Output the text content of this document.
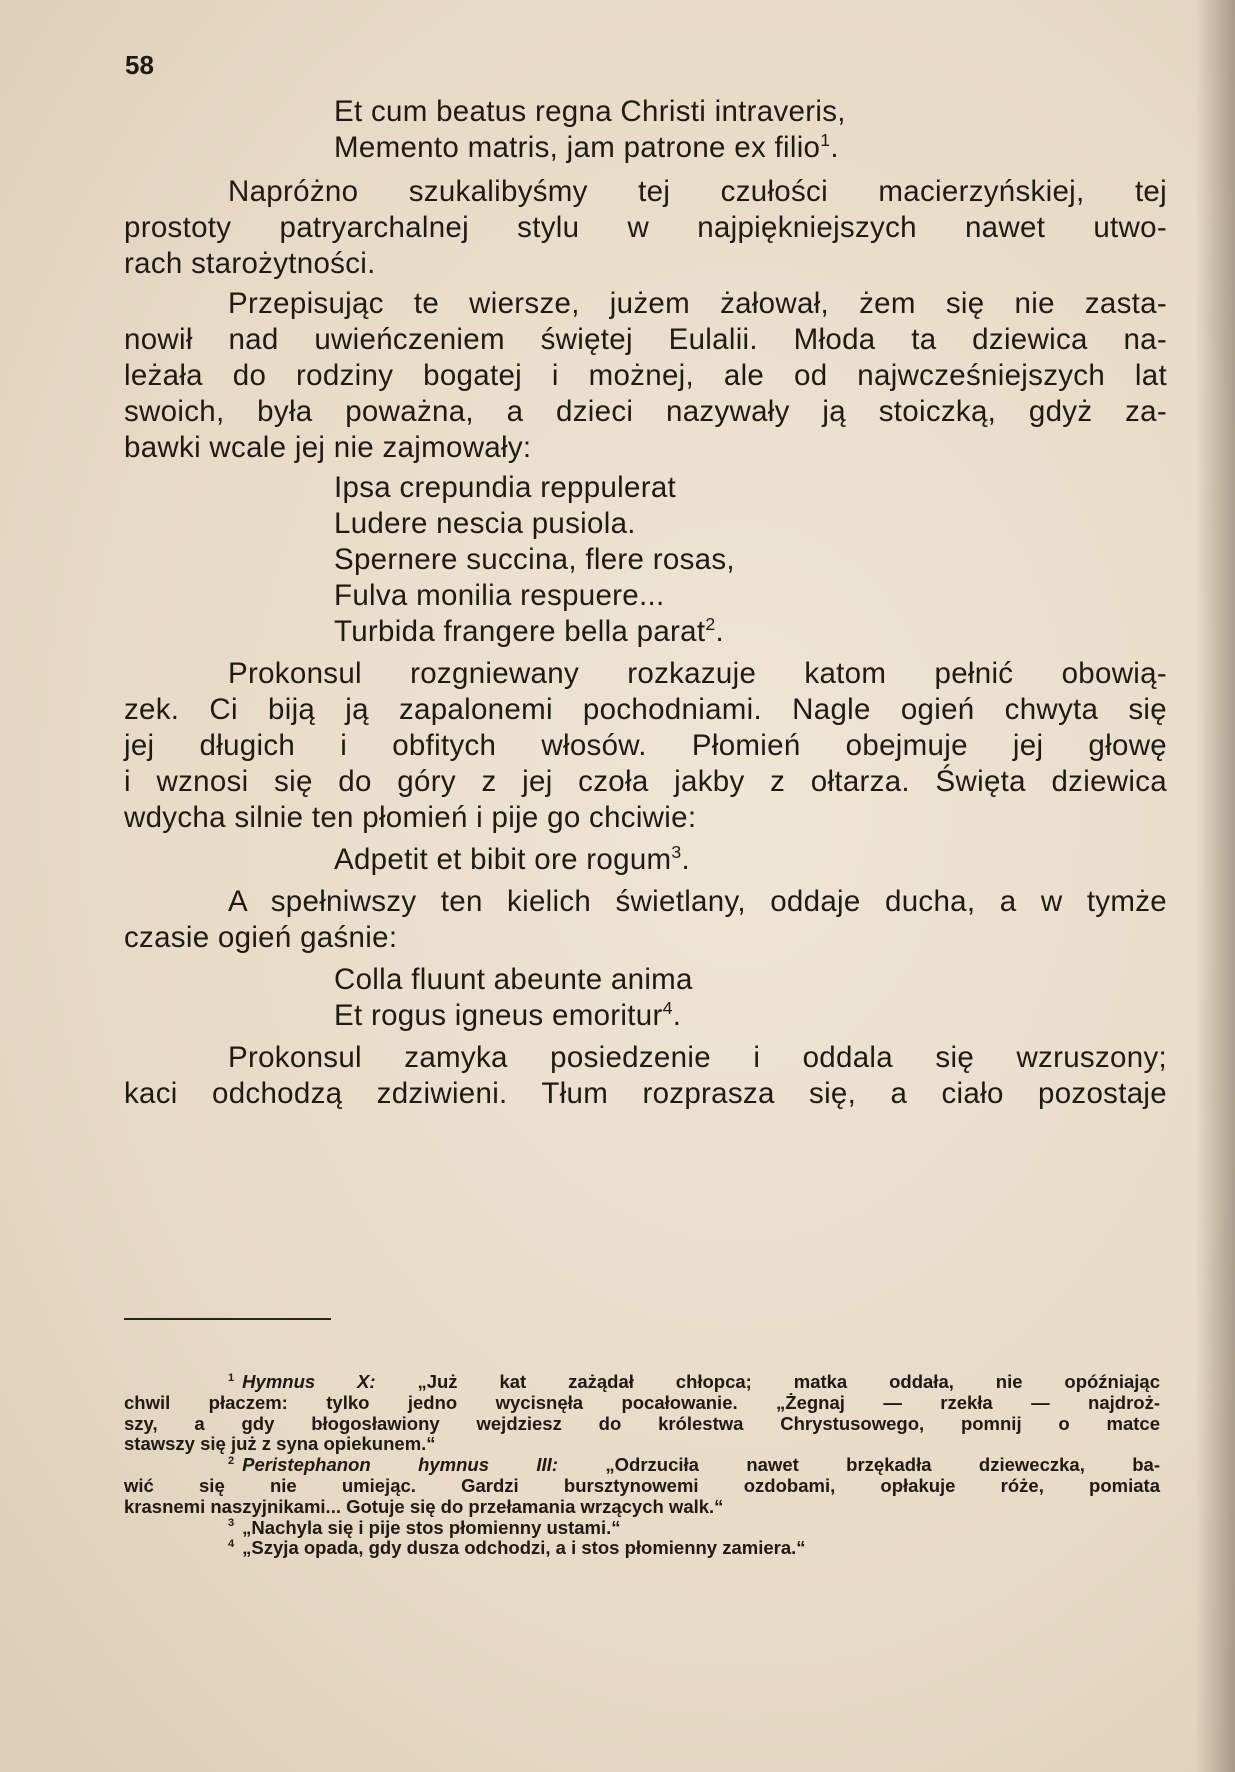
58
Et cum beatus regna Christi intraveris,
Memento matris, jam patrone ex filio$^1$.
Napróżno szukalibyśmy tej czułości macierzyńskiej, tej
prostoty patryarchalnej stylu w najpiękniejszych nawet utwo-
rach starożytności.
Przepisując te wiersze, jużem żałował, żem się nie zasta-
nowił nad uwieńczeniem świętej Eulalii. Młoda ta dziewica na-
leżała do rodziny bogatej i możnej, ale od najwcześniejszych lat
swoich, była poważna, a dzieci nazywały ją stoiczką, gdyż za-
bawki wcale jej nie zajmowały:
Ipsa crepundia reppulerat
Ludere nescia pusiola.
Spernere succina, flere rosas,
Fulva monilia respuere...
Turbida frangere bella parat$^2$.
Prokonsul rozgniewany rozkazuje katom pełnić obowią-
zek. Ci biją ją zapalonemi pochodniami. Nagle ogień chwyta się
jej długich i obfitych włosów. Płomień obejmuje jej głowę
i wznosi się do góry z jej czoła jakby z ołtarza. Święta dziewica
wdycha silnie ten płomień i pije go chciwie:
Adpetit et bibit ore rogum$^3$.
A spełniwszy ten kielich świetlany, oddaje ducha, a w tymże
czasie ogień gaśnie:
Colla fluunt abeunte anima
Et rogus igneus emoritur$^4$.
Prokonsul zamyka posiedzenie i oddala się wzruszony;
kaci odchodzą zdziwieni. Tłum rozprasza się, a ciało pozostaje
$^1$ Hymnus X: „Już kat zażądał chłopca; matka oddała, nie opóźniając
chwil płaczem: tylko jedno wycisnęła pocałowanie. „Żegnaj — rzekła — najdroż-
szy, a gdy błogosławiony wejdziesz do królestwa Chrystusowego, pomnij o matce
stawszy się już z syna opiekunem.“
$^2$ Peristephanon hymnus III: „Odrzuciła nawet brzękadła dzieweczka, ba-
wić się nie umiejąc. Gardzi bursztynowemi ozdobami, opłakuje róże, pomiata
krasnemi naszyjnikami... Gotuje się do przełamania wrzących walk.“
$^3$ „Nachyla się i pije stos płomienny ustami.“
$^4$ „Szyja opada, gdy dusza odchodzi, a i stos płomienny zamiera.“
